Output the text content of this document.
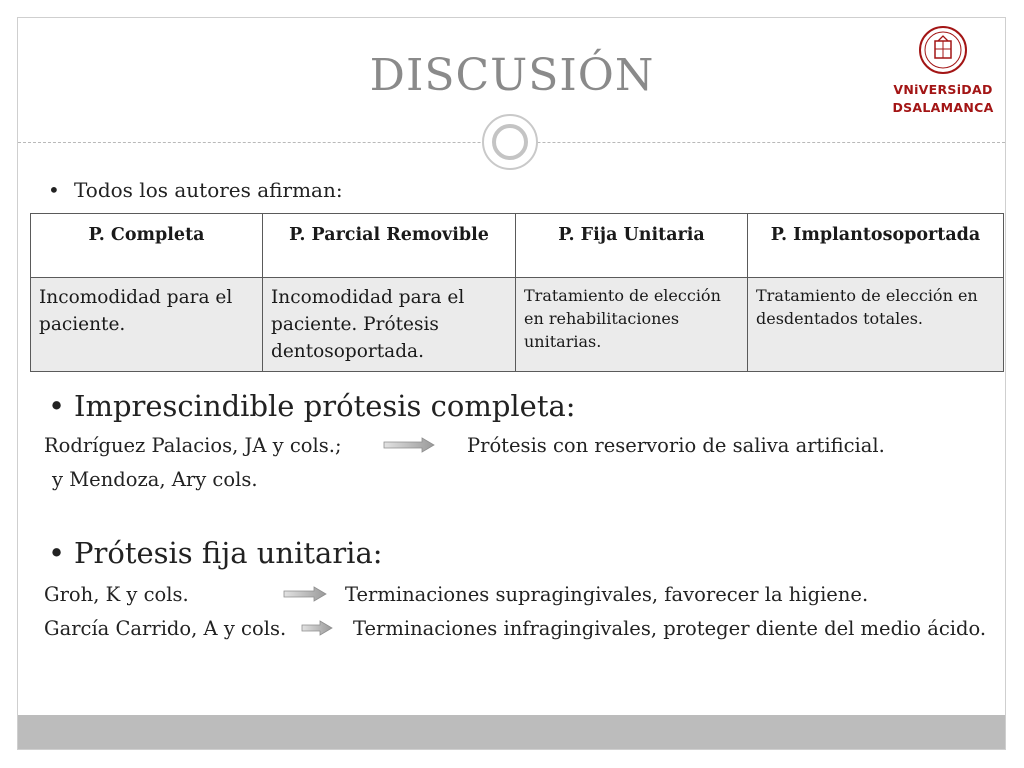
DISCUSIÓN	VNiVERSiDAD
DSALAMANCA
• Todos los autores afirman:
P. Completa	P. Parcial Removible	P. Fija Unitaria	P. Implantosoportada
Incomodidad para el paciente.	Incomodidad para el paciente. Prótesis dentosoportada.	Tratamiento de elección en rehabilitaciones unitarias.	Tratamiento de elección en desdentados totales.
• Imprescindible prótesis completa:
Rodríguez Palacios, JA y cols.;	Prótesis con reservorio de saliva artificial.
y Mendoza, Ary cols.
• Prótesis fija unitaria:
Groh, K y cols.	Terminaciones supragingivales, favorecer la higiene.
García Carrido, A y cols.	Terminaciones infragingivales, proteger diente del medio ácido.
